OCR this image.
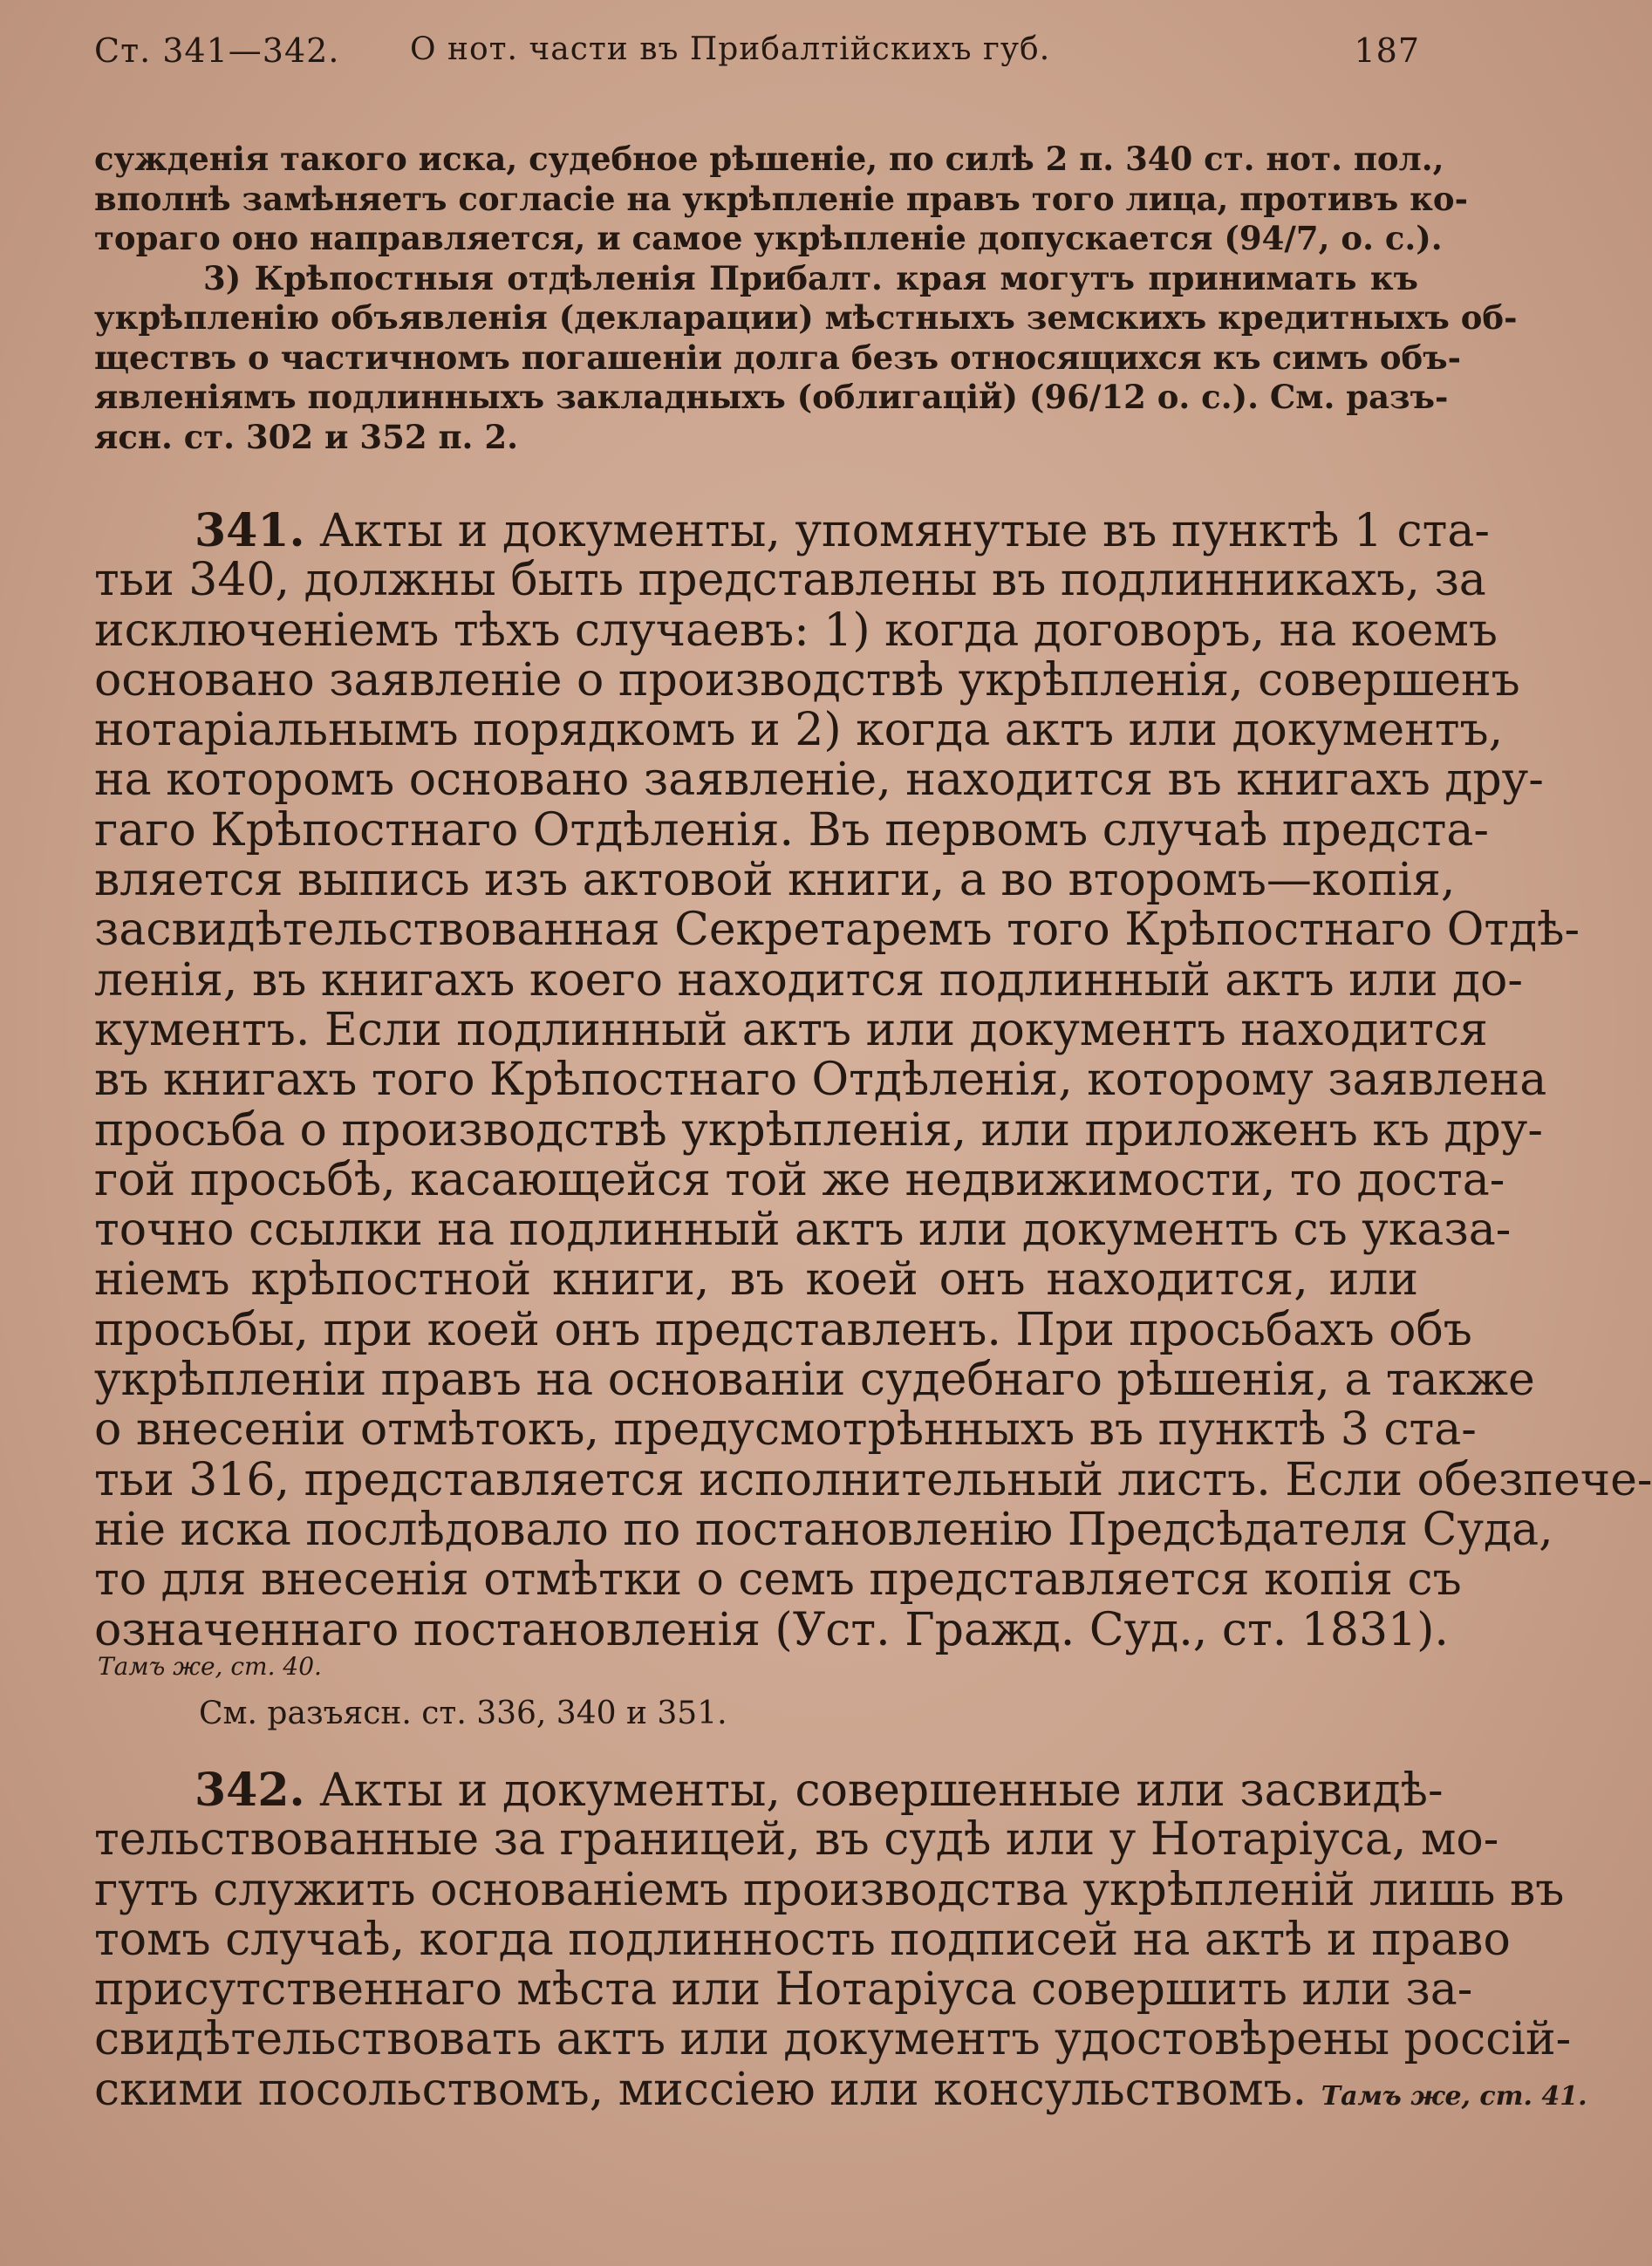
Ст. 341—342. О нот. части въ Прибалтійскихъ губ.	187
сужденія такого иска, судебное рѣшеніе, по силѣ 2 п. 340 ст. нот. пол.,
вполнѣ замѣняетъ согласіе на укрѣпленіе правъ того лица, противъ ко-
тораго оно направляется, и самое укрѣпленіе допускается (94/7, о. с.).
3) Крѣпостныя отдѣленія Прибалт. края могутъ принимать къ
укрѣпленію объявленія (декларации) мѣстныхъ земскихъ кредитныхъ об-
ществъ о частичномъ погашеніи долга безъ относящихся къ симъ объ-
явленіямъ подлинныхъ закладныхъ (облигацій) (96/12 о. с.). См. разъ-
ясн. ст. 302 и 352 п. 2.
341. Акты и документы, упомянутые въ пунктѣ 1 ста-
тьи 340, должны быть представлены въ подлинникахъ, за
исключеніемъ тѣхъ случаевъ: 1) когда договоръ, на коемъ
основано заявленіе о производствѣ укрѣпленія, совершенъ
нотаріальнымъ порядкомъ и 2) когда актъ или документъ,
на которомъ основано заявленіе, находится въ книгахъ дру-
гаго Крѣпостнаго Отдѣленія. Въ первомъ случаѣ предста-
вляется выпись изъ актовой книги, а во второмъ—копія,
засвидѣтельствованная Секретаремъ того Крѣпостнаго Отдѣ-
ленія, въ книгахъ коего находится подлинный актъ или до-
кументъ. Если подлинный актъ или документъ находится
въ книгахъ того Крѣпостнаго Отдѣленія, которому заявлена
просьба о производствѣ укрѣпленія, или приложенъ къ дру-
гой просьбѣ, касающейся той же недвижимости, то доста-
точно ссылки на подлинный актъ или документъ съ указа-
ніемъ крѣпостной книги, въ коей онъ находится, или
просьбы, при коей онъ представленъ. При просьбахъ объ
укрѣпленіи правъ на основаніи судебнаго рѣшенія, а также
о внесеніи отмѣтокъ, предусмотрѣнныхъ въ пунктѣ 3 ста-
тьи 316, представляется исполнительный листъ. Если обезпече-
ніе иска послѣдовало по постановленію Предсѣдателя Суда,
то для внесенія отмѣтки о семъ представляется копія съ
означеннаго постановленія (Уст. Гражд. Суд., ст. 1831).
Тамъ же, ст. 40.
См. разъясн. ст. 336, 340 и 351.
342. Акты и документы, совершенные или засвидѣ-
тельствованные за границей, въ судѣ или у Нотаріуса, мо-
гутъ служить основаніемъ производства укрѣпленій лишь въ
томъ случаѣ, когда подлинность подписей на актѣ и право
присутственнаго мѣста или Нотаріуса совершить или за-
свидѣтельствовать актъ или документъ удостовѣрены россій-
скими посольствомъ, миссіею или консульствомъ. Тамъ же, ст. 41.
